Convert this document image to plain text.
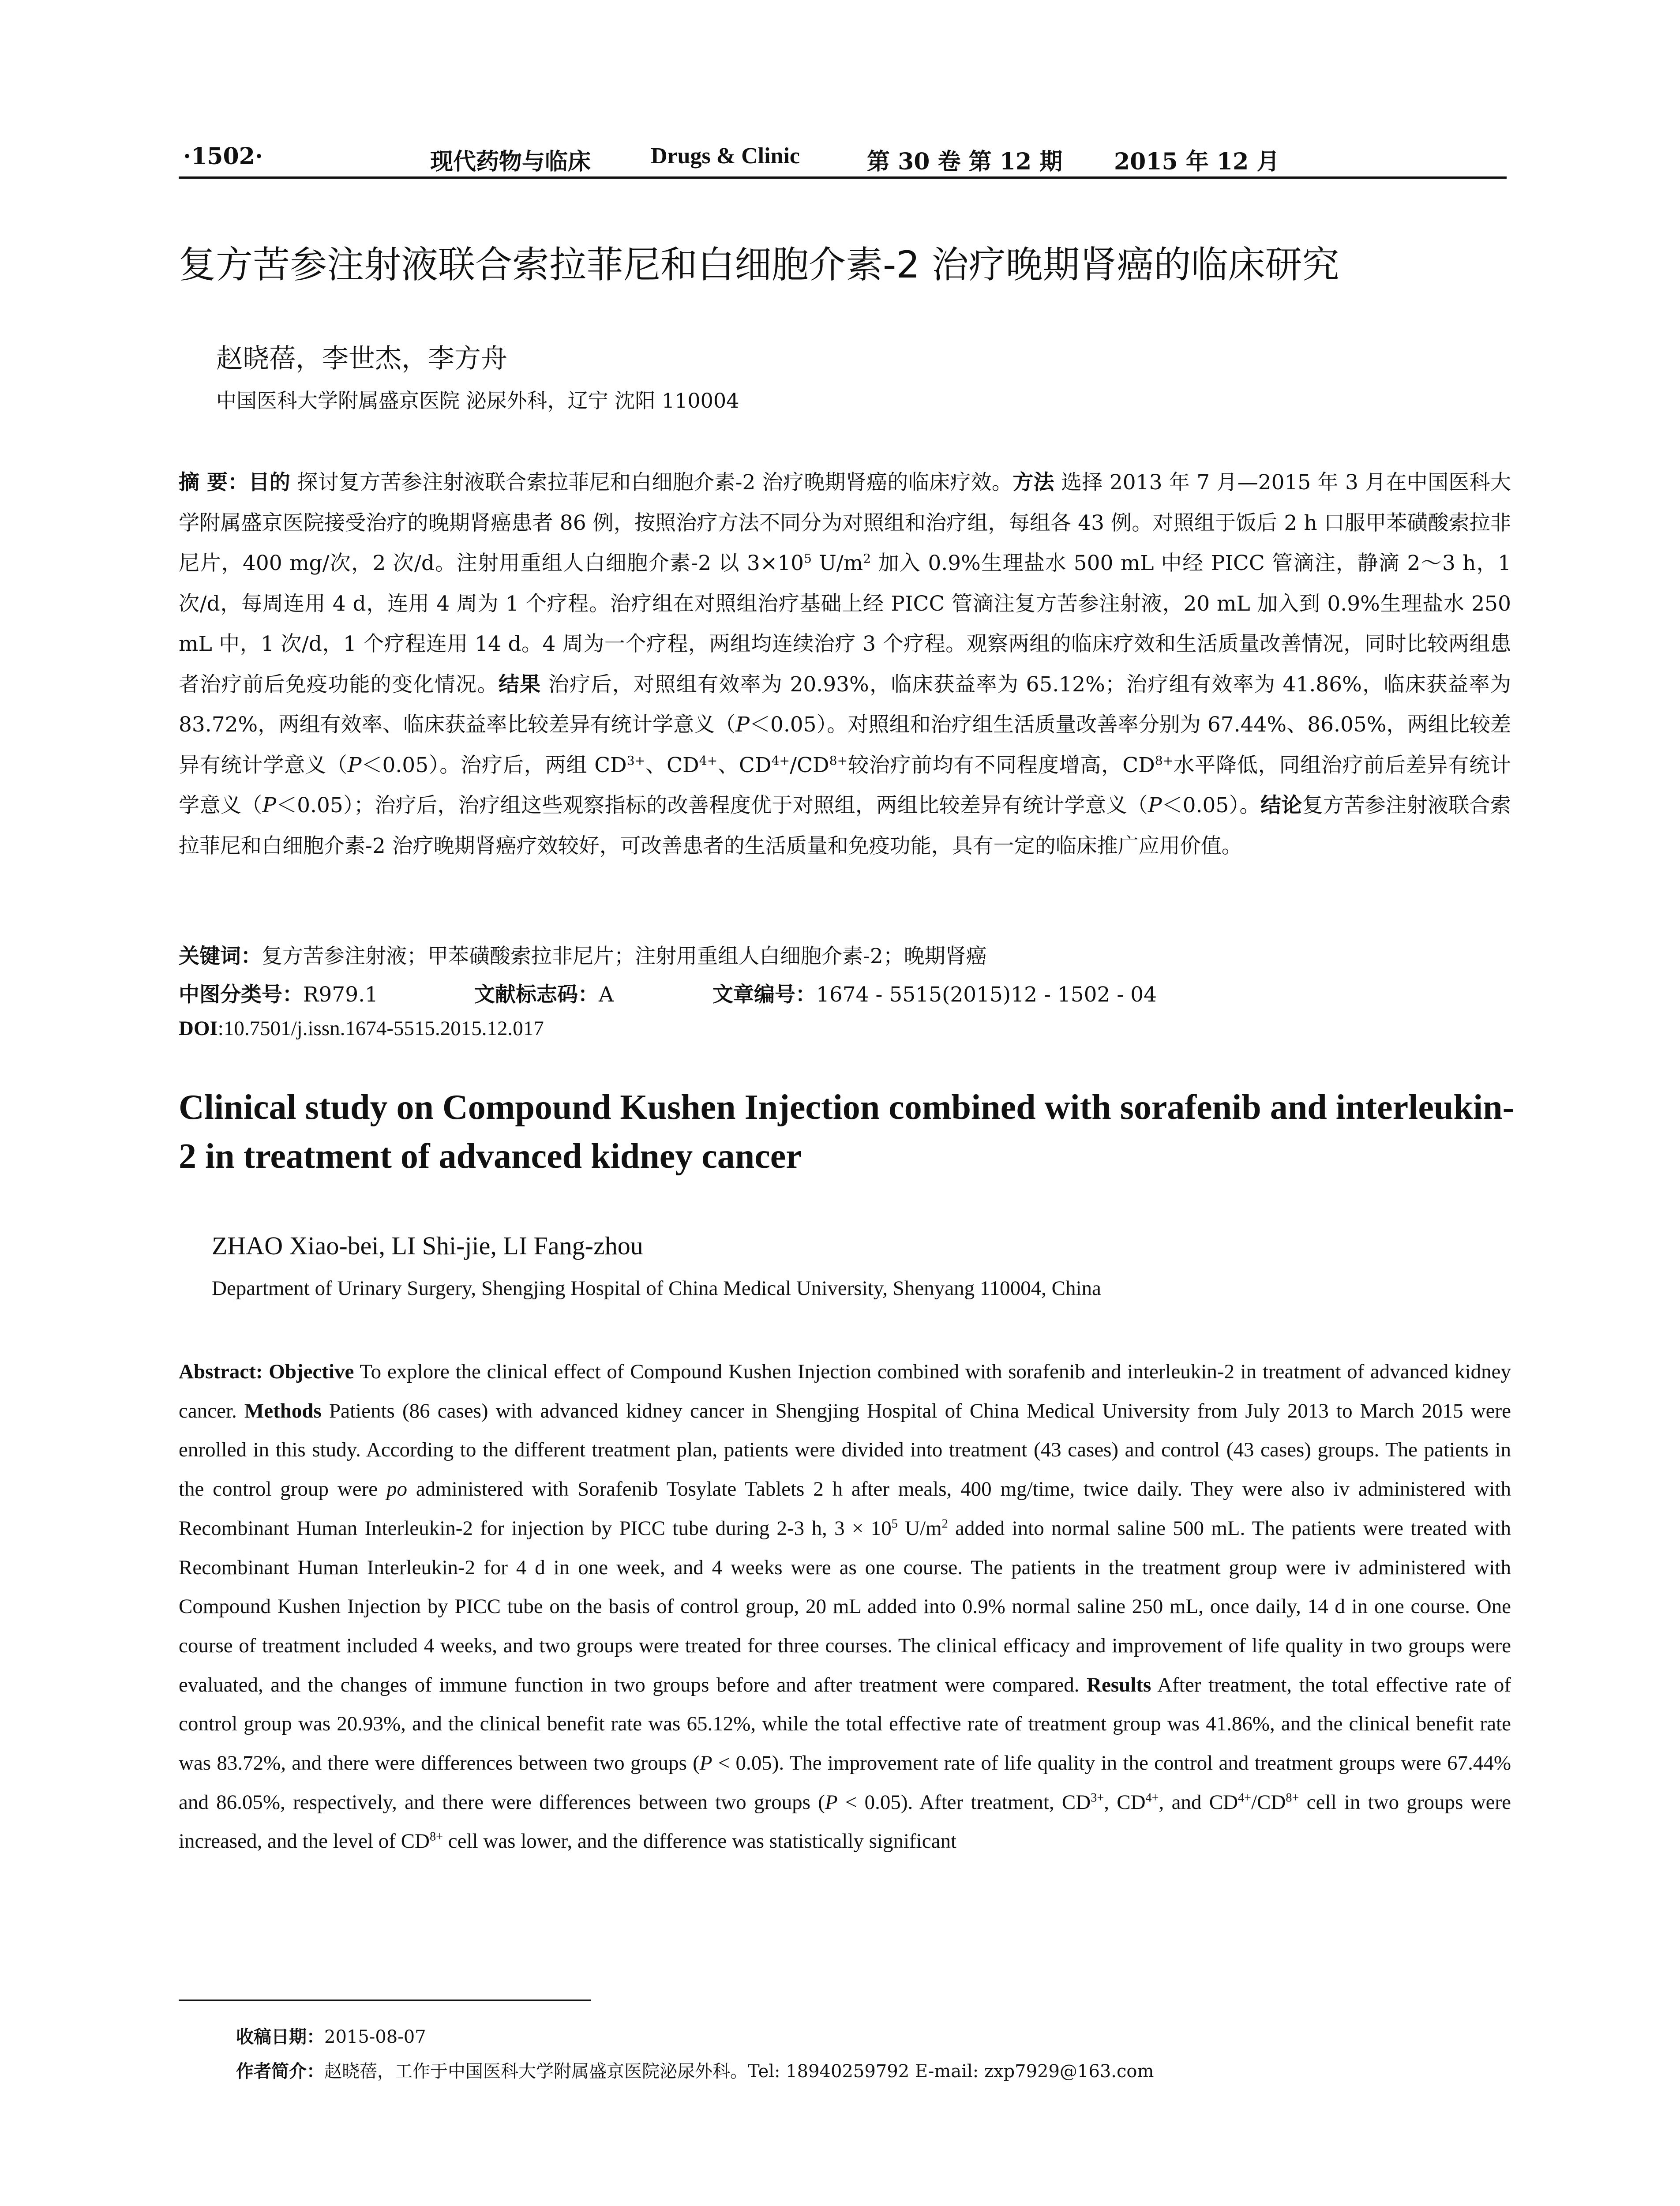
·1502·	现代药物与临床	Drugs & Clinic	第 30 卷 第 12 期 2015 年 12 月
复方苦参注射液联合索拉菲尼和白细胞介素-2 治疗晚期肾癌的临床研究
赵晓蓓，李世杰，李方舟
中国医科大学附属盛京医院 泌尿外科，辽宁 沈阳 110004
摘 要：目的 探讨复方苦参注射液联合索拉菲尼和白细胞介素-2 治疗晚期肾癌的临床疗效。方法 选择 2013 年 7 月—2015 年 3 月在中国医科大学附属盛京医院接受治疗的晚期肾癌患者 86 例，按照治疗方法不同分为对照组和治疗组，每组各 43 例。对照组于饭后 2 h 口服甲苯磺酸索拉非尼片，400 mg/次，2 次/d。注射用重组人白细胞介素-2 以 $3\times 10^5$ $U/m^2$ 加入 0.9%生理盐水 500 mL 中经 PICC 管滴注，静滴 2～3 h，1 次/d，每周连用 4 d，连用 4 周为 1 个疗程。治疗组在对照组治疗基础上经 PICC 管滴注复方苦参注射液，20 mL 加入到 0.9%生理盐水 250 mL 中，1 次/d，1 个疗程连用 14 d。4 周为一个疗程，两组均连续治疗 3 个疗程。观察两组的临床疗效和生活质量改善情况，同时比较两组患者治疗前后免疫功能的变化情况。结果 治疗后，对照组有效率为 20.93%，临床获益率为 65.12%；治疗组有效率为 41.86%，临床获益率为 83.72%，两组有效率、临床获益率比较差异有统计学意义（P＜0.05）。对照组和治疗组生活质量改善率分别为 67.44%、86.05%，两组比较差异有统计学意义（P＜0.05）。治疗后，两组 $CD^{3+}$、$CD^{4+}$、$CD^{4+}/CD^{8+}$较治疗前均有不同程度增高，$CD^{8+}$水平降低，同组治疗前后差异有统计学意义（P＜0.05）；治疗后，治疗组这些观察指标的改善程度优于对照组，两组比较差异有统计学意义（P＜0.05）。结论复方苦参注射液联合索拉菲尼和白细胞介素-2 治疗晚期肾癌疗效较好，可改善患者的生活质量和免疫功能，具有一定的临床推广应用价值。
关键词：复方苦参注射液；甲苯磺酸索拉非尼片；注射用重组人白细胞介素-2；晚期肾癌
中图分类号：R979.1	文献标志码：A	文章编号：1674 - 5515(2015)12 - 1502 - 04
DOI:10.7501/j.issn.1674-5515.2015.12.017
Clinical study on Compound Kushen Injection combined with sorafenib and interleukin-2 in treatment of advanced kidney cancer
ZHAO Xiao-bei, LI Shi-jie, LI Fang-zhou
Department of Urinary Surgery, Shengjing Hospital of China Medical University, Shenyang 110004, China
Abstract: Objective To explore the clinical effect of Compound Kushen Injection combined with sorafenib and interleukin-2 in treatment of advanced kidney cancer. Methods Patients (86 cases) with advanced kidney cancer in Shengjing Hospital of China Medical University from July 2013 to March 2015 were enrolled in this study. According to the different treatment plan, patients were divided into treatment (43 cases) and control (43 cases) groups. The patients in the control group were po administered with Sorafenib Tosylate Tablets 2 h after meals, 400 mg/time, twice daily. They were also iv administered with Recombinant Human Interleukin-2 for injection by PICC tube during 2-3 h, $3 \times 10^5$ $U/m^2$ added into normal saline 500 mL. The patients were treated with Recombinant Human Interleukin-2 for 4 d in one week, and 4 weeks were as one course. The patients in the treatment group were iv administered with Compound Kushen Injection by PICC tube on the basis of control group, 20 mL added into 0.9% normal saline 250 mL, once daily, 14 d in one course. One course of treatment included 4 weeks, and two groups were treated for three courses. The clinical efficacy and improvement of life quality in two groups were evaluated, and the changes of immune function in two groups before and after treatment were compared. Results After treatment, the total effective rate of control group was 20.93%, and the clinical benefit rate was 65.12%, while the total effective rate of treatment group was 41.86%, and the clinical benefit rate was 83.72%, and there were differences between two groups (P < 0.05). The improvement rate of life quality in the control and treatment groups were 67.44% and 86.05%, respectively, and there were differences between two groups (P < 0.05). After treatment, $CD^{3+}$, $CD^{4+}$, and $CD^{4+}/CD^{8+}$ cell in two groups were increased, and the level of $CD^{8+}$ cell was lower, and the difference was statistically significant
收稿日期：2015-08-07
作者简介：赵晓蓓，工作于中国医科大学附属盛京医院泌尿外科。Tel: 18940259792 E-mail: zxp7929@163.com
